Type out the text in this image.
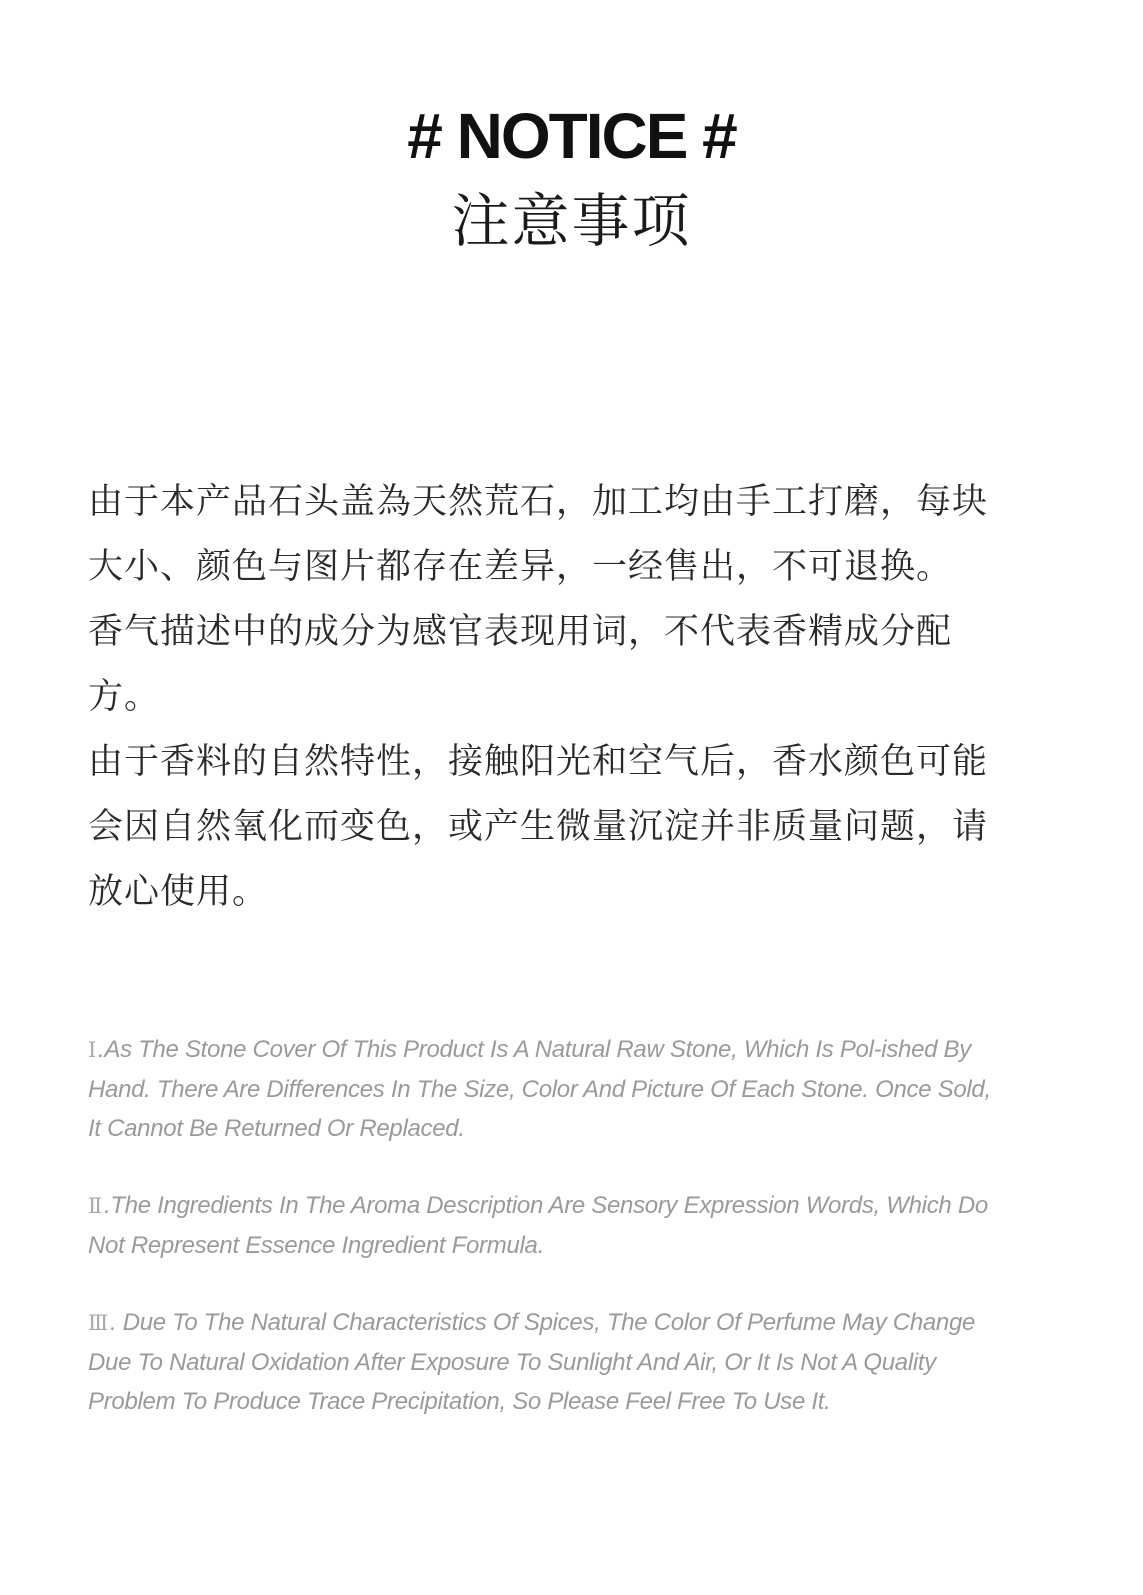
# NOTICE #
注意事项

由于本产品石头盖為天然荒石，加工均由手工打磨，每块大小、颜色与图片都存在差异，一经售出，不可退换。

香气描述中的成分为感官表现用词，不代表香精成分配方。

由于香料的自然特性，接触阳光和空气后，香水颜色可能会因自然氧化而变色，或产生微量沉淀并非质量问题，请放心使用。

Ⅰ.As The Stone Cover Of This Product Is A Natural Raw Stone, Which Is Pol-ished By Hand. There Are Differences In The Size, Color And Picture Of Each Stone. Once Sold, It Cannot Be Returned Or Replaced.

Ⅱ.The Ingredients In The Aroma Description Are Sensory Expression Words, Which Do Not Represent Essence Ingredient Formula.

Ⅲ. Due To The Natural Characteristics Of Spices, The Color Of Perfume May Change Due To Natural Oxidation After Exposure To Sunlight And Air, Or It Is Not A Quality Problem To Produce Trace Precipitation, So Please Feel Free To Use It.
